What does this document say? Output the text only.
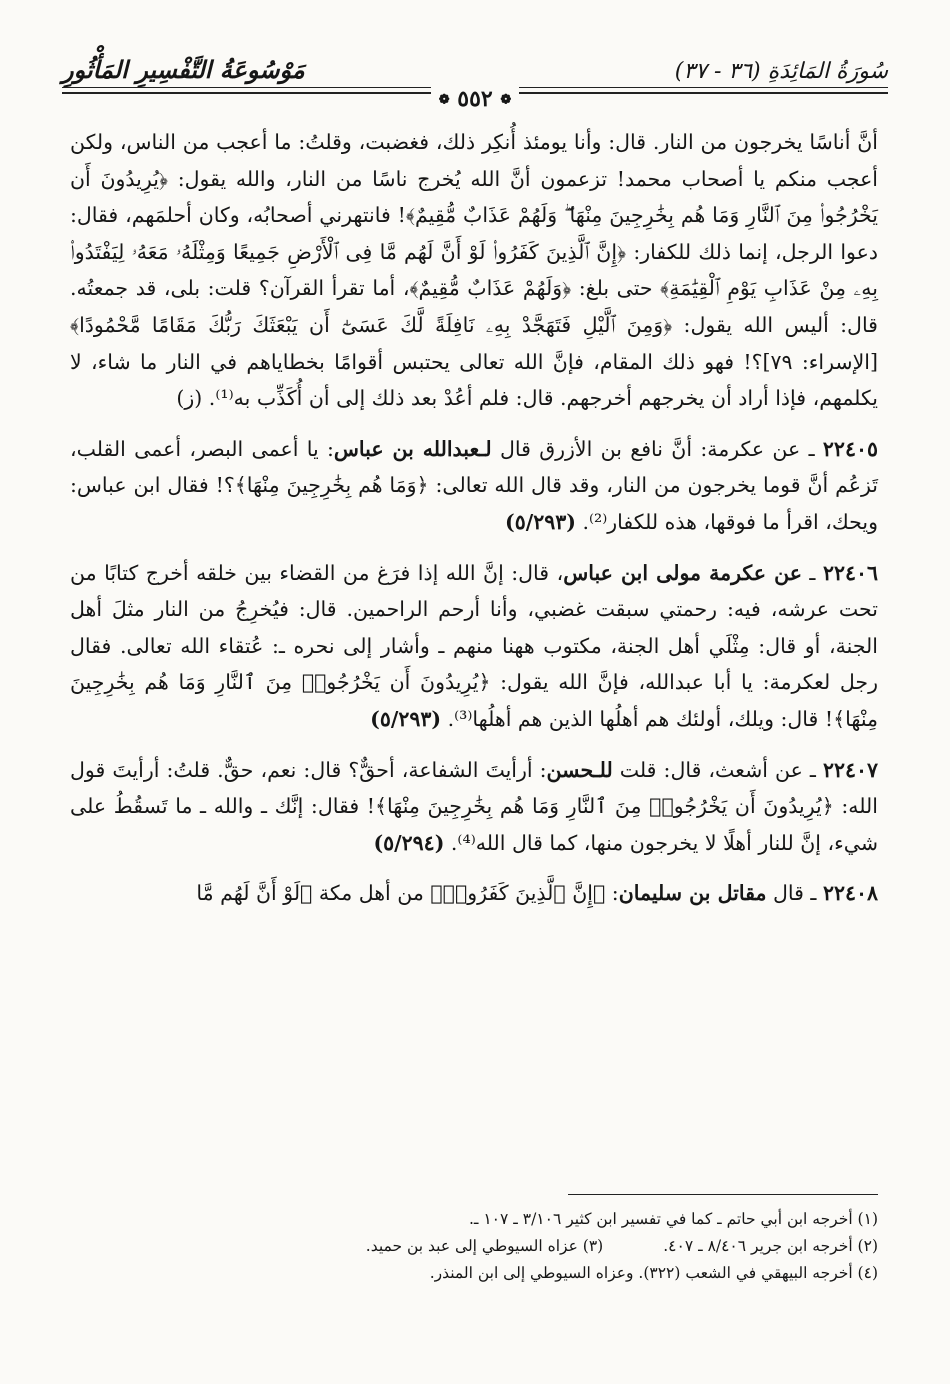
سُورَةُ المَائِدَةِ (٣٦ - ٣٧)
مَوْسُوعَةُ التَّفْسِيرِ المَأْثُورِ
❁ ٥٥٢ ❁

أنَّ أناسًا يخرجون من النار. قال: وأنا يومئذ أُنكِر ذلك، فغضبت، وقلتُ: ما أعجب من الناس، ولكن أعجب منكم يا أصحاب محمد! تزعمون أنَّ الله يُخرج ناسًا من النار، والله يقول: ﴿يُرِيدُونَ أَن يَخْرُجُوا۟ مِنَ ٱلنَّارِ وَمَا هُم بِخَٰرِجِينَ مِنْهَا ۖ وَلَهُمْ عَذَابٌ مُّقِيمٌ﴾! فانتهرني أصحابُه، وكان أحلمَهم، فقال: دعوا الرجل، إنما ذلك للكفار: ﴿إِنَّ ٱلَّذِينَ كَفَرُوا۟ لَوْ أَنَّ لَهُم مَّا فِى ٱلْأَرْضِ جَمِيعًا وَمِثْلَهُۥ مَعَهُۥ لِيَفْتَدُوا۟ بِهِۦ مِنْ عَذَابِ يَوْمِ ٱلْقِيَٰمَةِ﴾ حتى بلغ: ﴿وَلَهُمْ عَذَابٌ مُّقِيمٌ﴾، أما تقرأ القرآن؟ قلت: بلى، قد جمعتُه. قال: أليس الله يقول: ﴿وَمِنَ ٱلَّيْلِ فَتَهَجَّدْ بِهِۦ نَافِلَةً لَّكَ عَسَىٰٓ أَن يَبْعَثَكَ رَبُّكَ مَقَامًا مَّحْمُودًا﴾ [الإسراء: ٧٩]؟! فهو ذلك المقام، فإنَّ الله تعالى يحتبس أقوامًا بخطاياهم في النار ما شاء، لا يكلمهم، فإذا أراد أن يخرجهم أخرجهم. قال: فلم أعُدْ بعد ذلك إلى أن أُكَذِّب به⁽¹⁾. (ز)

٢٢٤٠٥ ـ عن عكرمة: أنَّ نافع بن الأزرق قال لـعبدالله بن عباس: يا أعمى البصر، أعمى القلب، تَزعُم أنَّ قوما يخرجون من النار، وقد قال الله تعالى: ﴿وَمَا هُم بِخَٰرِجِينَ مِنْهَا﴾؟! فقال ابن عباس: ويحك، اقرأ ما فوقها، هذه للكفار⁽²⁾. (٥/٢٩٣)

٢٢٤٠٦ ـ عن عكرمة مولى ابن عباس، قال: إنَّ الله إذا فرَغ من القضاء بين خلقه أخرج كتابًا من تحت عرشه، فيه: رحمتي سبقت غضبي، وأنا أرحم الراحمين. قال: فيُخرِجُ من النار مثلَ أهل الجنة، أو قال: مِثْلَي أهل الجنة، مكتوب ههنا منهم ـ وأشار إلى نحره ـ: عُتقاء الله تعالى. فقال رجل لعكرمة: يا أبا عبدالله، فإنَّ الله يقول: ﴿يُرِيدُونَ أَن يَخْرُجُوا۟ مِنَ ٱلنَّارِ وَمَا هُم بِخَٰرِجِينَ مِنْهَا﴾! قال: ويلك، أولئك هم أهلُها الذين هم أهلُها⁽³⁾. (٥/٢٩٣)

٢٢٤٠٧ ـ عن أشعث، قال: قلت للـحسن: أرأيتَ الشفاعة، أحقٌّ؟ قال: نعم، حقٌّ. قلتُ: أرأيتَ قول الله: ﴿يُرِيدُونَ أَن يَخْرُجُوا۟ مِنَ ٱلنَّارِ وَمَا هُم بِخَٰرِجِينَ مِنْهَا﴾! فقال: إنَّك ـ والله ـ ما تَسقُطُ على شيء، إنَّ للنار أهلًا لا يخرجون منها، كما قال الله⁽⁴⁾. (٥/٢٩٤)

٢٢٤٠٨ ـ قال مقاتل بن سليمان: ﴿إِنَّ ٱلَّذِينَ كَفَرُوا۟﴾ من أهل مكة ﴿لَوْ أَنَّ لَهُم مَّا

(١) أخرجه ابن أبي حاتم ـ كما في تفسير ابن كثير ٣/١٠٦ ـ ١٠٧ ـ.

(٢) أخرجه ابن جرير ٨/٤٠٦ ـ ٤٠٧.

(٣) عزاه السيوطي إلى عبد بن حميد.

(٤) أخرجه البيهقي في الشعب (٣٢٢). وعزاه السيوطي إلى ابن المنذر.
